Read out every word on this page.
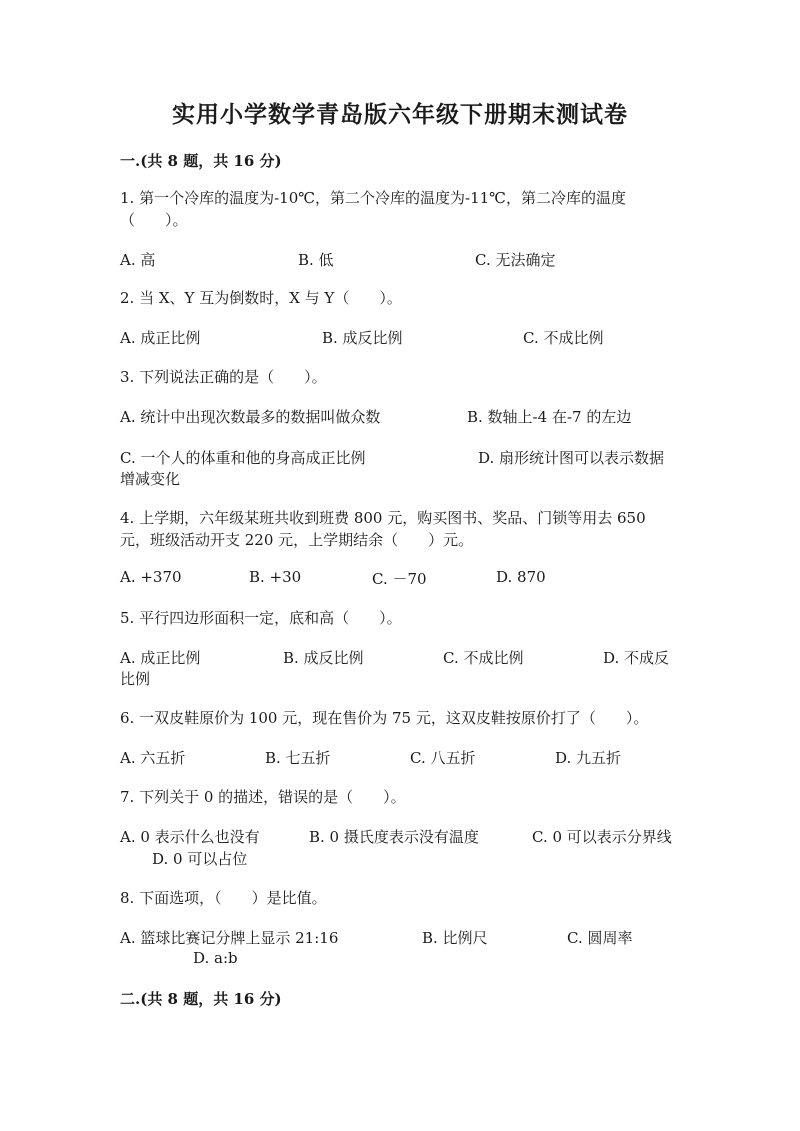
实用小学数学青岛版六年级下册期末测试卷
一.(共 8 题，共 16 分)
1. 第一个冷库的温度为-10℃，第二个冷库的温度为-11℃，第二冷库的温度
（　　）。
A. 高	B. 低	C. 无法确定
2. 当 X、Y 互为倒数时，X 与 Y（　　）。
A. 成正比例	B. 成反比例	C. 不成比例
3. 下列说法正确的是（　　）。
A. 统计中出现次数最多的数据叫做众数	B. 数轴上-4 在-7 的左边
C. 一个人的体重和他的身高成正比例	D. 扇形统计图可以表示数据
增减变化
4. 上学期，六年级某班共收到班费 800 元，购买图书、奖品、门锁等用去 650
元，班级活动开支 220 元，上学期结余（　　）元。
A. +370	B. +30	C. －70	D. 870
5. 平行四边形面积一定，底和高（　　）。
A. 成正比例	B. 成反比例	C. 不成比例	D. 不成反
比例
6. 一双皮鞋原价为 100 元，现在售价为 75 元，这双皮鞋按原价打了（　　）。
A. 六五折	B. 七五折	C. 八五折	D. 九五折
7. 下列关于 0 的描述，错误的是（　　）。
A. 0 表示什么也没有	B. 0 摄氏度表示没有温度	C. 0 可以表示分界线
D. 0 可以占位
8. 下面选项，（　　）是比值。
A. 篮球比赛记分牌上显示 21:16	B. 比例尺	C. 圆周率
D. a:b
二.(共 8 题，共 16 分)
